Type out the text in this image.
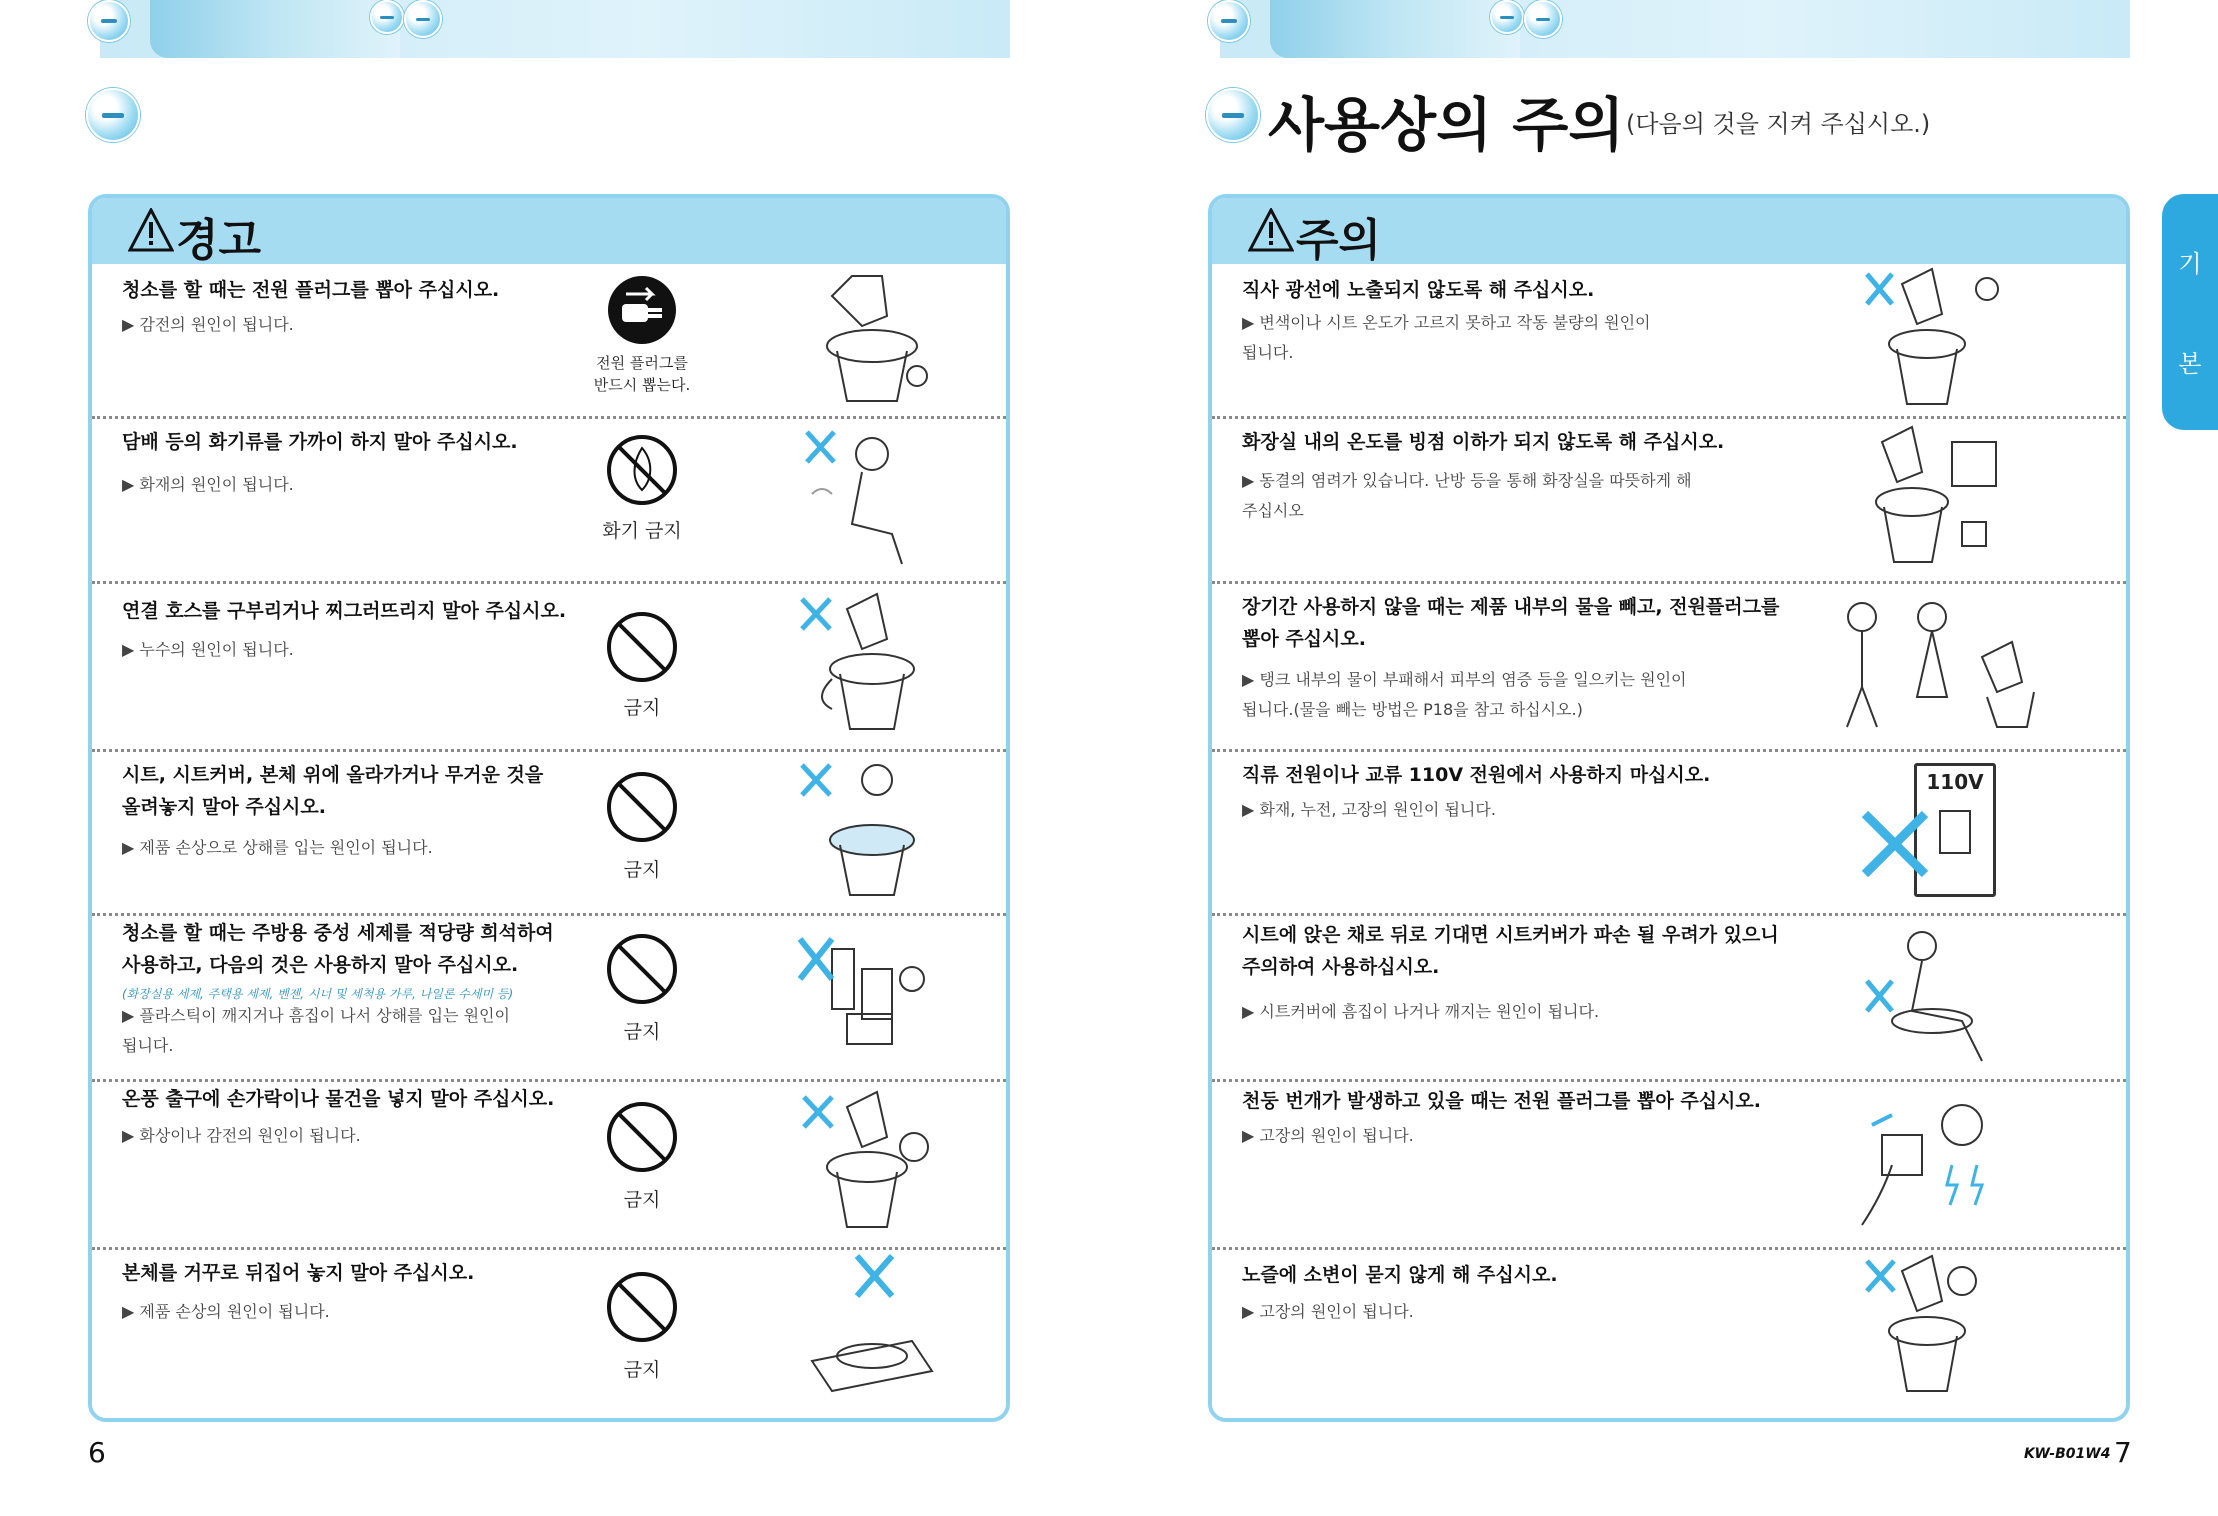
사용상의 주의 (다음의 것을 지켜 주십시오.)
기
본
경고
청소를 할 때는 전원 플러그를 뽑아 주십시오.
▶ 감전의 원인이 됩니다.
전원 플러그를
반드시 뽑는다.
담배 등의 화기류를 가까이 하지 말아 주십시오.
▶ 화재의 원인이 됩니다.
화기 금지
연결 호스를 구부리거나 찌그러뜨리지 말아 주십시오.
▶ 누수의 원인이 됩니다.
금지
시트, 시트커버, 본체 위에 올라가거나 무거운 것을
올려놓지 말아 주십시오.
▶ 제품 손상으로 상해를 입는 원인이 됩니다.
금지
청소를 할 때는 주방용 중성 세제를 적당량 희석하여
사용하고, 다음의 것은 사용하지 말아 주십시오.
(화장실용 세제, 주택용 세제, 벤젠, 시너 및 세척용 가루, 나일론 수세미 등)
▶ 플라스틱이 깨지거나 흠집이 나서 상해를 입는 원인이
됩니다.
금지
온풍 출구에 손가락이나 물건을 넣지 말아 주십시오.
▶ 화상이나 감전의 원인이 됩니다.
금지
본체를 거꾸로 뒤집어 놓지 말아 주십시오.
▶ 제품 손상의 원인이 됩니다.
금지
주의
직사 광선에 노출되지 않도록 해 주십시오.
▶ 변색이나 시트 온도가 고르지 못하고 작동 불량의 원인이
됩니다.
화장실 내의 온도를 빙점 이하가 되지 않도록 해 주십시오.
▶ 동결의 염려가 있습니다. 난방 등을 통해 화장실을 따뜻하게 해
주십시오
장기간 사용하지 않을 때는 제품 내부의 물을 빼고, 전원플러그를
뽑아 주십시오.
▶ 탱크 내부의 물이 부패해서 피부의 염증 등을 일으키는 원인이
됩니다.(물을 빼는 방법은 P18을 참고 하십시오.)
직류 전원이나 교류 110V 전원에서 사용하지 마십시오.
▶ 화재, 누전, 고장의 원인이 됩니다.
110V
시트에 앉은 채로 뒤로 기대면 시트커버가 파손 될 우려가 있으니
주의하여 사용하십시오.
▶ 시트커버에 흠집이 나거나 깨지는 원인이 됩니다.
천둥 번개가 발생하고 있을 때는 전원 플러그를 뽑아 주십시오.
▶ 고장의 원인이 됩니다.
노즐에 소변이 묻지 않게 해 주십시오.
▶ 고장의 원인이 됩니다.
6	KW-B01W4 7
